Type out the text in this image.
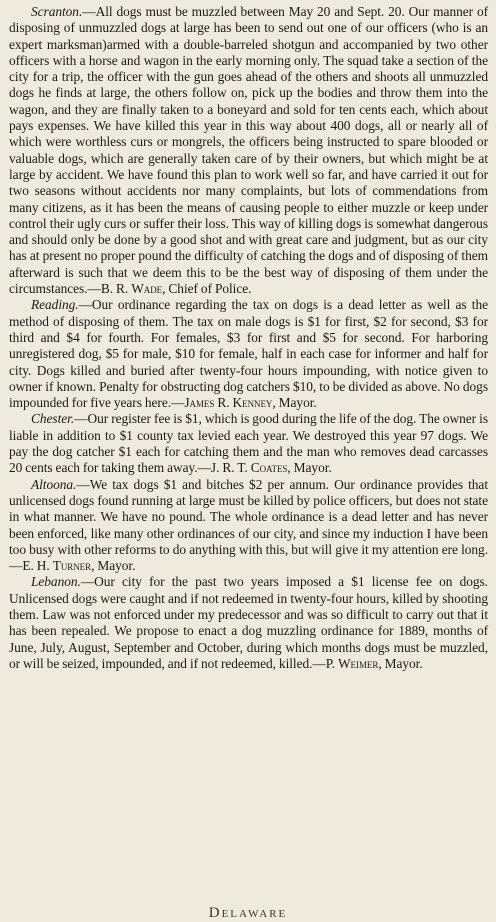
Scranton.—All dogs must be muzzled between May 20 and Sept. 20. Our manner of disposing of unmuzzled dogs at large has been to send out one of our officers (who is an expert marksman)armed with a double-barreled shotgun and accompanied by two other officers with a horse and wagon in the early morning only. The squad take a section of the city for a trip, the officer with the gun goes ahead of the others and shoots all unmuzzled dogs he finds at large, the others follow on, pick up the bodies and throw them into the wagon, and they are finally taken to a boneyard and sold for ten cents each, which about pays expenses. We have killed this year in this way about 400 dogs, all or nearly all of which were worthless curs or mongrels, the officers being instructed to spare blooded or valuable dogs, which are generally taken care of by their owners, but which might be at large by accident. We have found this plan to work well so far, and have carried it out for two seasons without accidents nor many complaints, but lots of commendations from many citizens, as it has been the means of causing people to either muzzle or keep under control their ugly curs or suffer their loss. This way of killing dogs is somewhat dangerous and should only be done by a good shot and with great care and judgment, but as our city has at present no proper pound the difficulty of catching the dogs and of disposing of them afterward is such that we deem this to be the best way of disposing of them under the circumstances.—B. R. Wade, Chief of Police.

Reading.—Our ordinance regarding the tax on dogs is a dead letter as well as the method of disposing of them. The tax on male dogs is $1 for first, $2 for second, $3 for third and $4 for fourth. For females, $3 for first and $5 for second. For harboring unregistered dog, $5 for male, $10 for female, half in each case for informer and half for city. Dogs killed and buried after twenty-four hours impounding, with notice given to owner if known. Penalty for obstructing dog catchers $10, to be divided as above. No dogs impounded for five years here.—James R. Kenney, Mayor.

Chester.—Our register fee is $1, which is good during the life of the dog. The owner is liable in addition to $1 county tax levied each year. We destroyed this year 97 dogs. We pay the dog catcher $1 each for catching them and the man who removes dead carcasses 20 cents each for taking them away.—J. R. T. Coates, Mayor.

Altoona.—We tax dogs $1 and bitches $2 per annum. Our ordinance provides that unlicensed dogs found running at large must be killed by police officers, but does not state in what manner. We have no pound. The whole ordinance is a dead letter and has never been enforced, like many other ordinances of our city, and since my induction I have been too busy with other reforms to do anything with this, but will give it my attention ere long.—E. H. Turner, Mayor.

Lebanon.—Our city for the past two years imposed a $1 license fee on dogs. Unlicensed dogs were caught and if not redeemed in twenty-four hours, killed by shooting them. Law was not enforced under my predecessor and was so difficult to carry out that it has been repealed. We propose to enact a dog muzzling ordinance for 1889, months of June, July, August, September and October, during which months dogs must be muzzled, or will be seized, impounded, and if not redeemed, killed.—P. Weimer, Mayor.

Delaware
